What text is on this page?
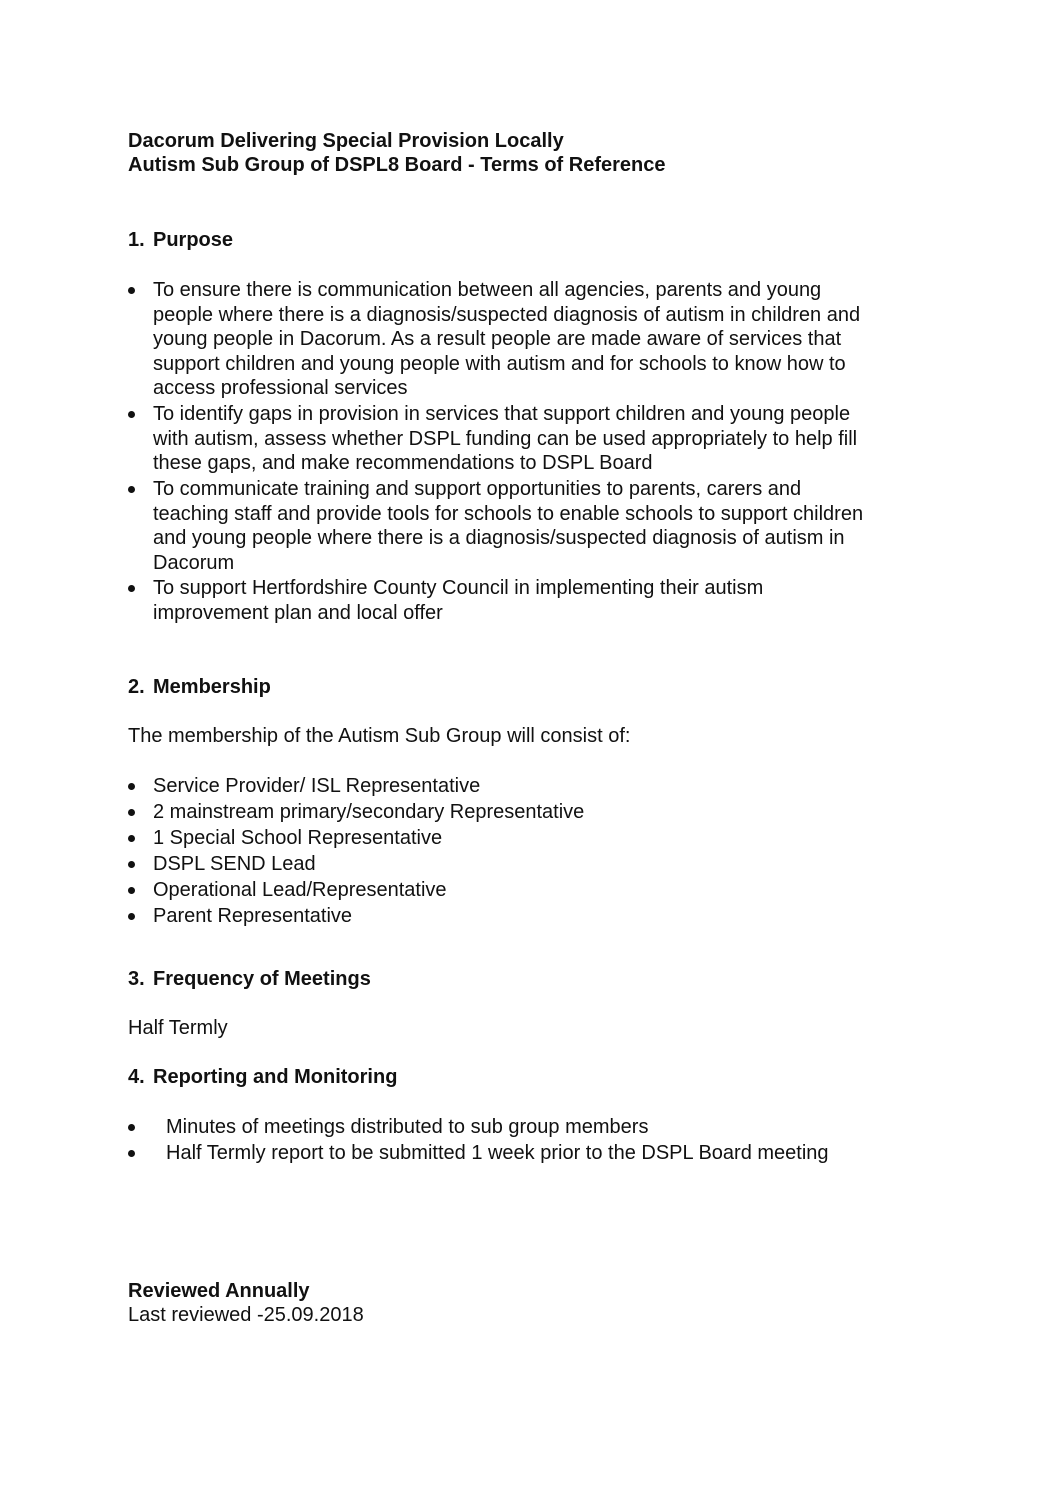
Dacorum Delivering Special Provision Locally
Autism Sub Group of DSPL8 Board - Terms of Reference
1. Purpose
To ensure there is communication between all agencies, parents and young
people where there is a diagnosis/suspected diagnosis of autism in children and
young people in Dacorum. As a result people are made aware of services that
support children and young people with autism and for schools to know how to
access professional services
To identify gaps in provision in services that support children and young people
with autism, assess whether DSPL funding can be used appropriately to help fill
these gaps, and make recommendations to DSPL Board
To communicate training and support opportunities to parents, carers and
teaching staff and provide tools for schools to enable schools to support children
and young people where there is a diagnosis/suspected diagnosis of autism in
Dacorum
To support Hertfordshire County Council in implementing their autism
improvement plan and local offer
2. Membership
The membership of the Autism Sub Group will consist of:
Service Provider/ ISL Representative
2 mainstream primary/secondary Representative
1 Special School Representative
DSPL SEND Lead
Operational Lead/Representative
Parent Representative
3. Frequency of Meetings
Half Termly
4. Reporting and Monitoring
Minutes of meetings distributed to sub group members
Half Termly report to be submitted 1 week prior to the DSPL Board meeting
Reviewed Annually
Last reviewed -25.09.2018
